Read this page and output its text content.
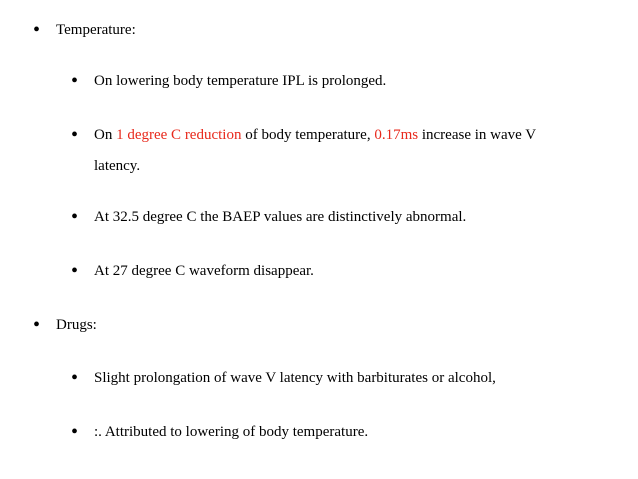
• Temperature:
• On lowering body temperature IPL is prolonged.
• On 1 degree C reduction of body temperature, 0.17ms increase in wave V
latency.
• At 32.5 degree C the BAEP values are distinctively abnormal.
• At 27 degree C waveform disappear.
• Drugs:
• Slight prolongation of wave V latency with barbiturates or alcohol,
• :. Attributed to lowering of body temperature.
